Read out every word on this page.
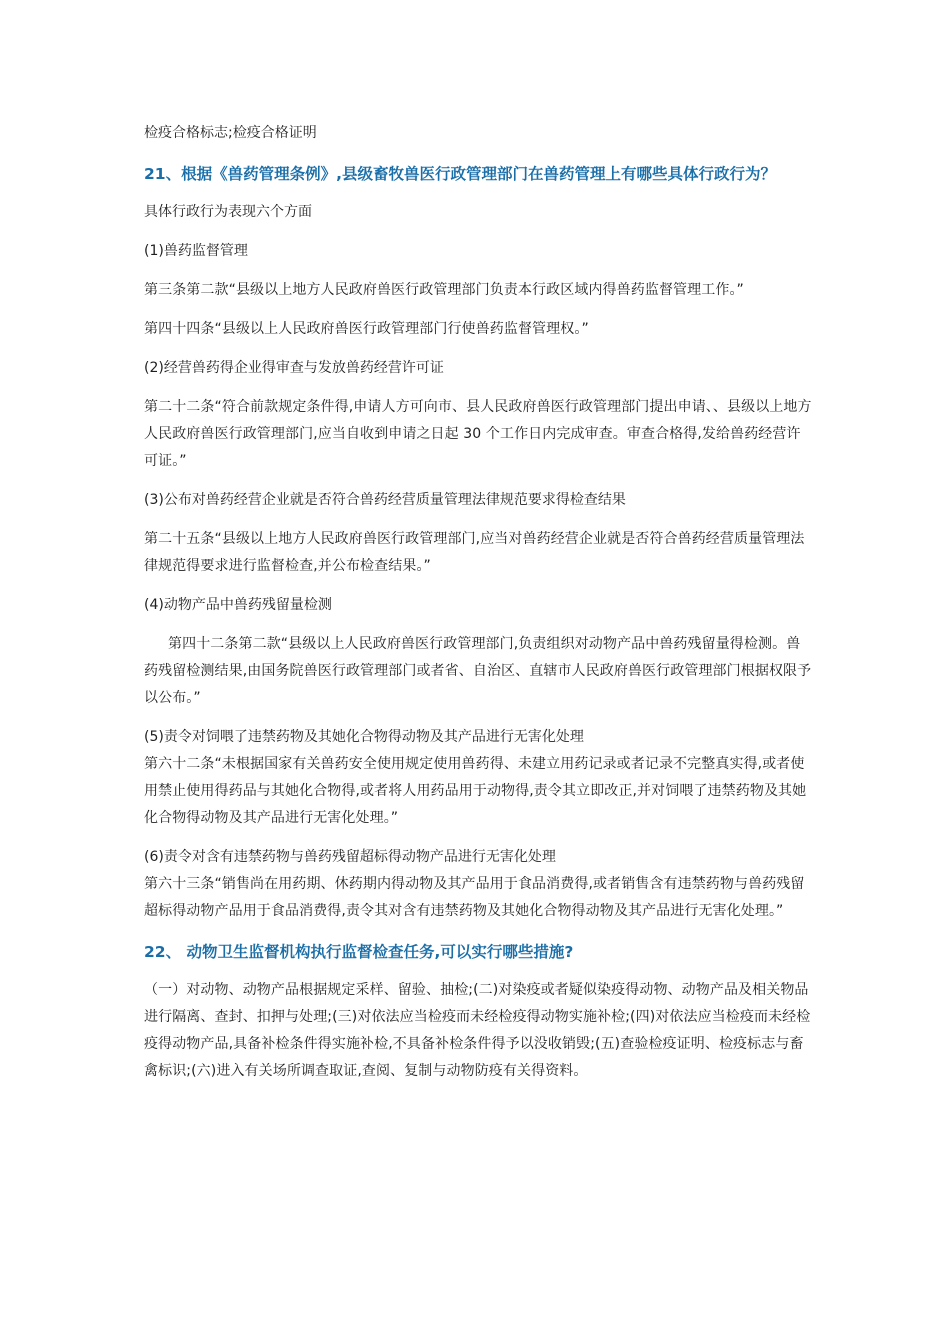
检疫合格标志;检疫合格证明

21、根据《兽药管理条例》,县级畜牧兽医行政管理部门在兽药管理上有哪些具体行政行为？

具体行政行为表现六个方面

(1)兽药监督管理

第三条第二款“县级以上地方人民政府兽医行政管理部门负责本行政区域内得兽药监督管理工作。”

第四十四条“县级以上人民政府兽医行政管理部门行使兽药监督管理权。”

(2)经营兽药得企业得审查与发放兽药经营许可证

第二十二条“符合前款规定条件得,申请人方可向市、县人民政府兽医行政管理部门提出申请、、县级以上地方人民政府兽医行政管理部门,应当自收到申请之日起 30 个工作日内完成审查。审查合格得,发给兽药经营许可证。”

(3)公布对兽药经营企业就是否符合兽药经营质量管理法律规范要求得检查结果

第二十五条“县级以上地方人民政府兽医行政管理部门,应当对兽药经营企业就是否符合兽药经营质量管理法律规范得要求进行监督检查,并公布检查结果。”

(4)动物产品中兽药残留量检测

第四十二条第二款“县级以上人民政府兽医行政管理部门,负责组织对动物产品中兽药残留量得检测。兽药残留检测结果,由国务院兽医行政管理部门或者省、自治区、直辖市人民政府兽医行政管理部门根据权限予以公布。”

(5)责令对饲喂了违禁药物及其她化合物得动物及其产品进行无害化处理

第六十二条“未根据国家有关兽药安全使用规定使用兽药得、未建立用药记录或者记录不完整真实得,或者使用禁止使用得药品与其她化合物得,或者将人用药品用于动物得,责令其立即改正,并对饲喂了违禁药物及其她化合物得动物及其产品进行无害化处理。”

(6)责令对含有违禁药物与兽药残留超标得动物产品进行无害化处理

第六十三条“销售尚在用药期、休药期内得动物及其产品用于食品消费得,或者销售含有违禁药物与兽药残留超标得动物产品用于食品消费得,责令其对含有违禁药物及其她化合物得动物及其产品进行无害化处理。”

22、 动物卫生监督机构执行监督检查任务,可以实行哪些措施?

（一）对动物、动物产品根据规定采样、留验、抽检;(二)对染疫或者疑似染疫得动物、动物产品及相关物品进行隔离、查封、扣押与处理;(三)对依法应当检疫而未经检疫得动物实施补检;(四)对依法应当检疫而未经检疫得动物产品,具备补检条件得实施补检,不具备补检条件得予以没收销毁;(五)查验检疫证明、检疫标志与畜禽标识;(六)进入有关场所调查取证,查阅、复制与动物防疫有关得资料。
